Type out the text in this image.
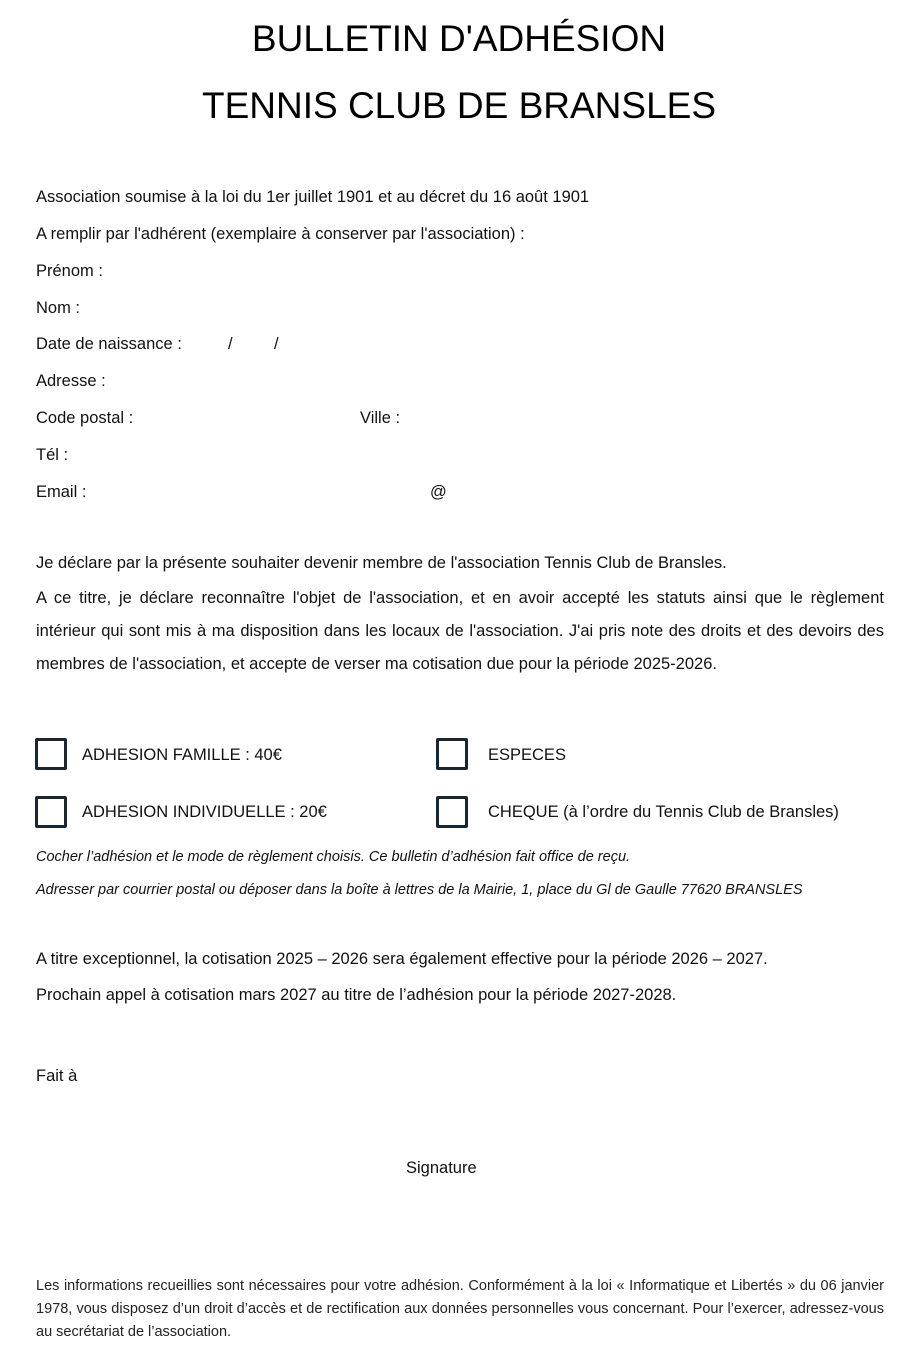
BULLETIN D'ADHÉSION
TENNIS CLUB DE BRANSLES
Association soumise à la loi du 1er juillet 1901 et au décret du 16 août 1901
A remplir par l'adhérent (exemplaire à conserver par l'association) :
Prénom :
Nom :
Date de naissance :	/	/
Adresse :
Code postal :	Ville :
Tél :
Email :	@
Je déclare par la présente souhaiter devenir membre de l'association Tennis Club de Bransles.
A ce titre, je déclare reconnaître l'objet de l'association, et en avoir accepté les statuts ainsi que le règlement intérieur qui sont mis à ma disposition dans les locaux de l'association. J'ai pris note des droits et des devoirs des membres de l'association, et accepte de verser ma cotisation due pour la période 2025-2026.
ADHESION FAMILLE : 40€	ESPECES
ADHESION INDIVIDUELLE : 20€	CHEQUE (à l’ordre du Tennis Club de Bransles)
Cocher l’adhésion et le mode de règlement choisis. Ce bulletin d’adhésion fait office de reçu.
Adresser par courrier postal ou déposer dans la boîte à lettres de la Mairie, 1, place du Gl de Gaulle 77620 BRANSLES
A titre exceptionnel, la cotisation 2025 – 2026 sera également effective pour la période 2026 – 2027.
Prochain appel à cotisation mars 2027 au titre de l’adhésion pour la période 2027-2028.
Fait à
Signature
Les informations recueillies sont nécessaires pour votre adhésion. Conformément à la loi « Informatique et Libertés » du 06 janvier 1978, vous disposez d’un droit d’accès et de rectification aux données personnelles vous concernant. Pour l’exercer, adressez-vous au secrétariat de l’association.
